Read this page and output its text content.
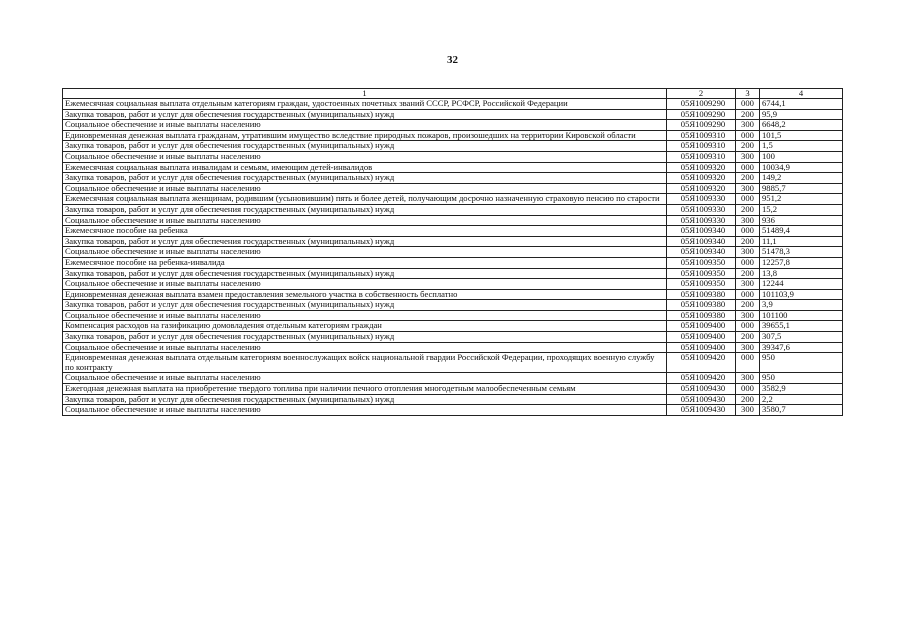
32
1	2	3	4
Ежемесячная социальная выплата отдельным категориям граждан, удостоенных почетных званий СССР, РСФСР, Российской Федерации	05Я1009290	000	6744,1
Закупка товаров, работ и услуг для обеспечения государственных (муниципальных) нужд	05Я1009290	200	95,9
Социальное обеспечение и иные выплаты населению	05Я1009290	300	6648,2
Единовременная денежная выплата гражданам, утратившим имущество вследствие природных пожаров, произошедших на территории Кировской области	05Я1009310	000	101,5
Закупка товаров, работ и услуг для обеспечения государственных (муниципальных) нужд	05Я1009310	200	1,5
Социальное обеспечение и иные выплаты населению	05Я1009310	300	100
Ежемесячная социальная выплата инвалидам и семьям, имеющим детей-инвалидов	05Я1009320	000	10034,9
Закупка товаров, работ и услуг для обеспечения государственных (муниципальных) нужд	05Я1009320	200	149,2
Социальное обеспечение и иные выплаты населению	05Я1009320	300	9885,7
Ежемесячная социальная выплата женщинам, родившим (усыновившим) пять и более детей, получающим досрочно назначенную страховую пенсию по старости	05Я1009330	000	951,2
Закупка товаров, работ и услуг для обеспечения государственных (муниципальных) нужд	05Я1009330	200	15,2
Социальное обеспечение и иные выплаты населению	05Я1009330	300	936
Ежемесячное пособие на ребенка	05Я1009340	000	51489,4
Закупка товаров, работ и услуг для обеспечения государственных (муниципальных) нужд	05Я1009340	200	11,1
Социальное обеспечение и иные выплаты населению	05Я1009340	300	51478,3
Ежемесячное пособие на ребенка-инвалида	05Я1009350	000	12257,8
Закупка товаров, работ и услуг для обеспечения государственных (муниципальных) нужд	05Я1009350	200	13,8
Социальное обеспечение и иные выплаты населению	05Я1009350	300	12244
Единовременная денежная выплата взамен предоставления земельного участка в собственность бесплатно	05Я1009380	000	101103,9
Закупка товаров, работ и услуг для обеспечения государственных (муниципальных) нужд	05Я1009380	200	3,9
Социальное обеспечение и иные выплаты населению	05Я1009380	300	101100
Компенсация расходов на газификацию домовладения отдельным категориям граждан	05Я1009400	000	39655,1
Закупка товаров, работ и услуг для обеспечения государственных (муниципальных) нужд	05Я1009400	200	307,5
Социальное обеспечение и иные выплаты населению	05Я1009400	300	39347,6
Единовременная денежная выплата отдельным категориям военнослужащих войск национальной гвардии Российской Федерации, проходящих военную службу по контракту	05Я1009420	000	950
Социальное обеспечение и иные выплаты населению	05Я1009420	300	950
Ежегодная денежная выплата на приобретение твердого топлива при наличии печного отопления многодетным малообеспеченным семьям	05Я1009430	000	3582,9
Закупка товаров, работ и услуг для обеспечения государственных (муниципальных) нужд	05Я1009430	200	2,2
Социальное обеспечение и иные выплаты населению	05Я1009430	300	3580,7
